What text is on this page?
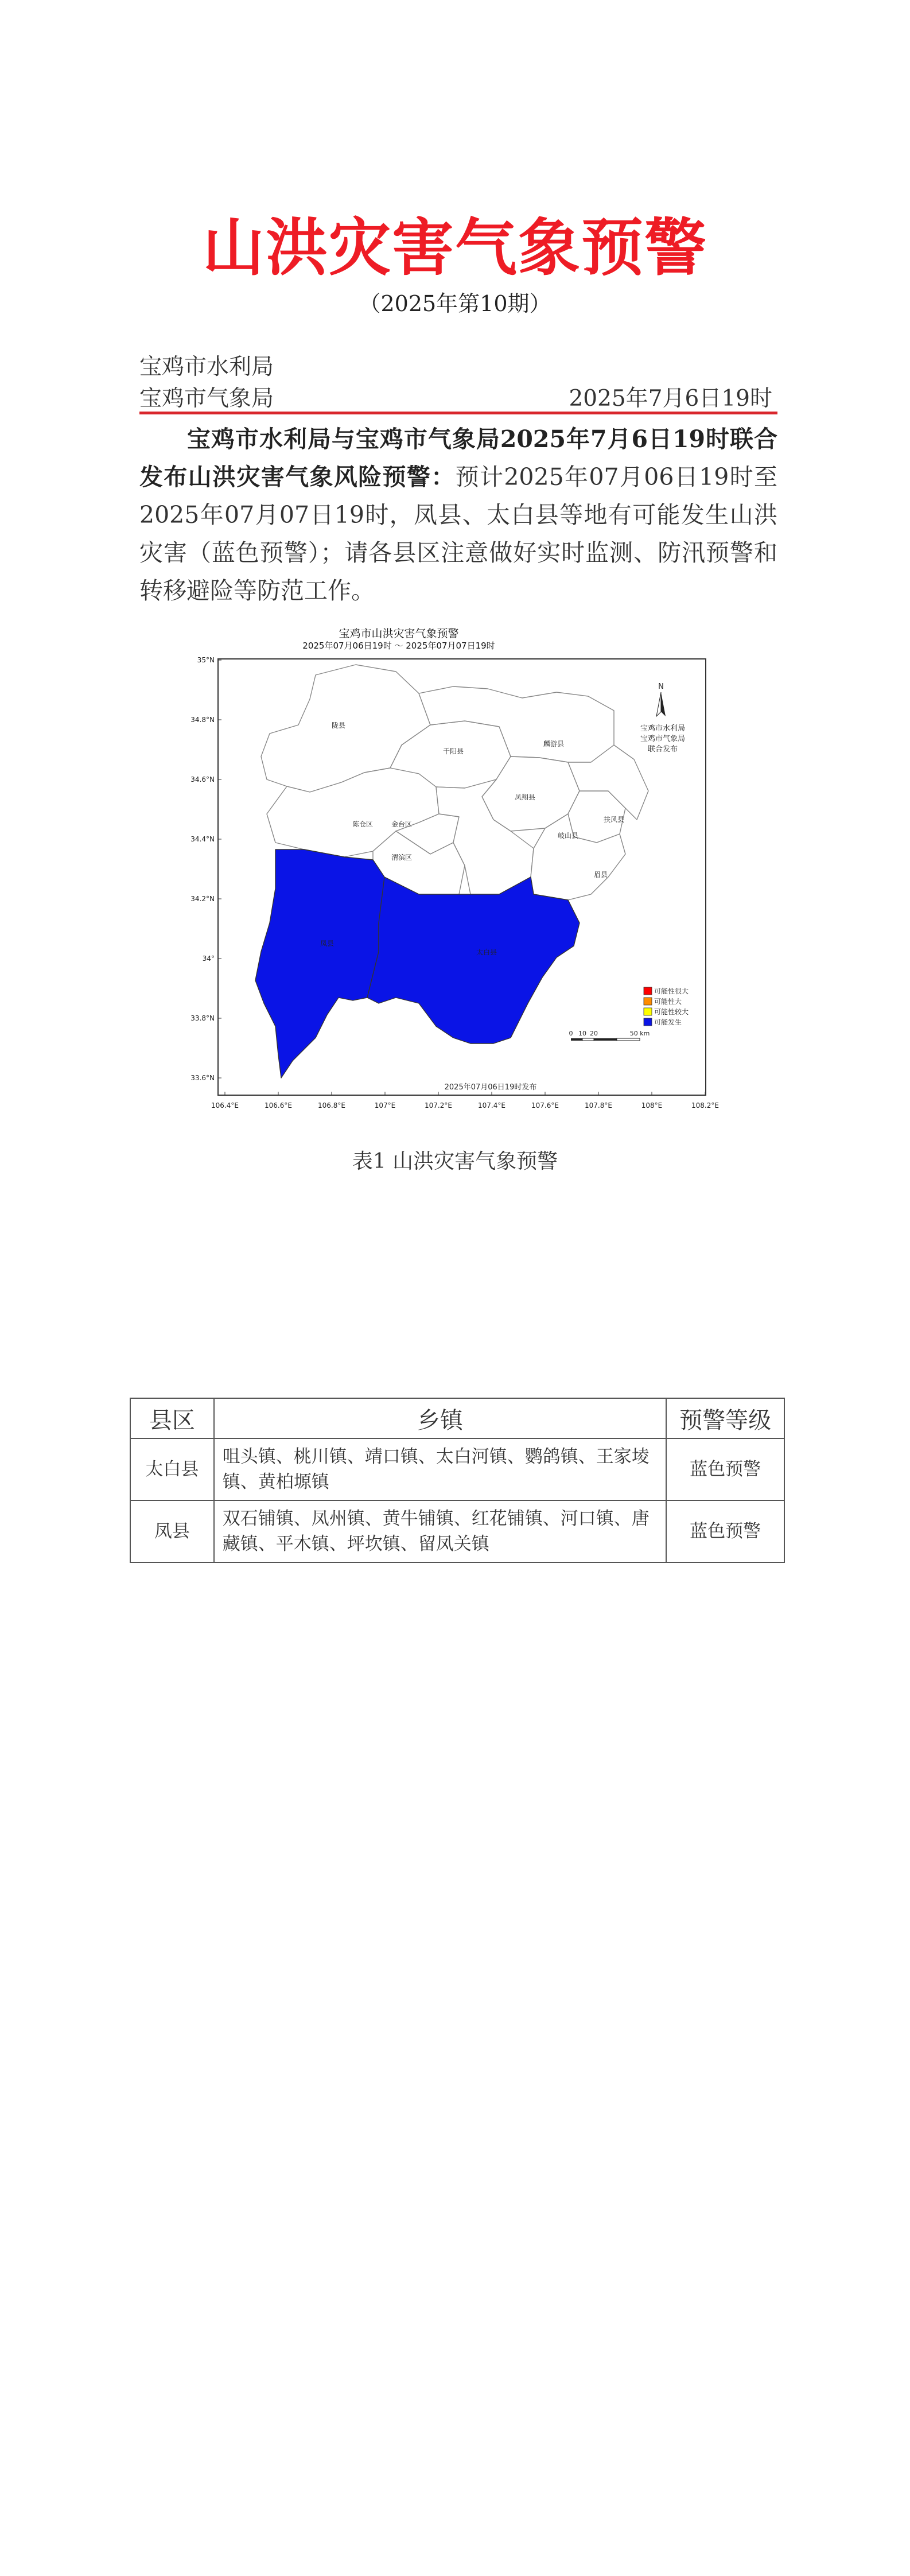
山洪灾害气象预警
（2025年第10期）
宝鸡市水利局
宝鸡市气象局	2025年7月6日19时
宝鸡市水利局与宝鸡市气象局2025年7月6日19时联合发布山洪灾害气象风险预警：预计2025年07月06日19时至2025年07月07日19时，凤县、太白县等地有可能发生山洪灾害（蓝色预警）；请各县区注意做好实时监测、防汛预警和转移避险等防范工作。
宝鸡市山洪灾害气象预警
2025年07月06日19时 ～ 2025年07月07日19时
陇县
千阳县
麟游县
凤翔县
陈仓区	金台区
渭滨区
岐山县
扶风县
眉县
凤县
太白县
N
宝鸡市水利局
宝鸡市气象局
联合发布
可能性很大
可能性大
可能性较大
可能发生
0 10 20	50 km
2025年07月06日19时发布
35°N
34.8°N
34.6°N
34.4°N
34.2°N
34°
33.8°N
33.6°N
106.4°E	106.6°E	106.8°E	107°E	107.2°E	107.4°E	107.6°E	107.8°E	108°E	108.2°E
表1 山洪灾害气象预警
县区	乡镇	预警等级
太白县	咀头镇、桃川镇、靖口镇、太白河镇、鹦鸽镇、王家堎镇、黄柏塬镇	蓝色预警
凤县	双石铺镇、凤州镇、黄牛铺镇、红花铺镇、河口镇、唐藏镇、平木镇、坪坎镇、留凤关镇	蓝色预警
